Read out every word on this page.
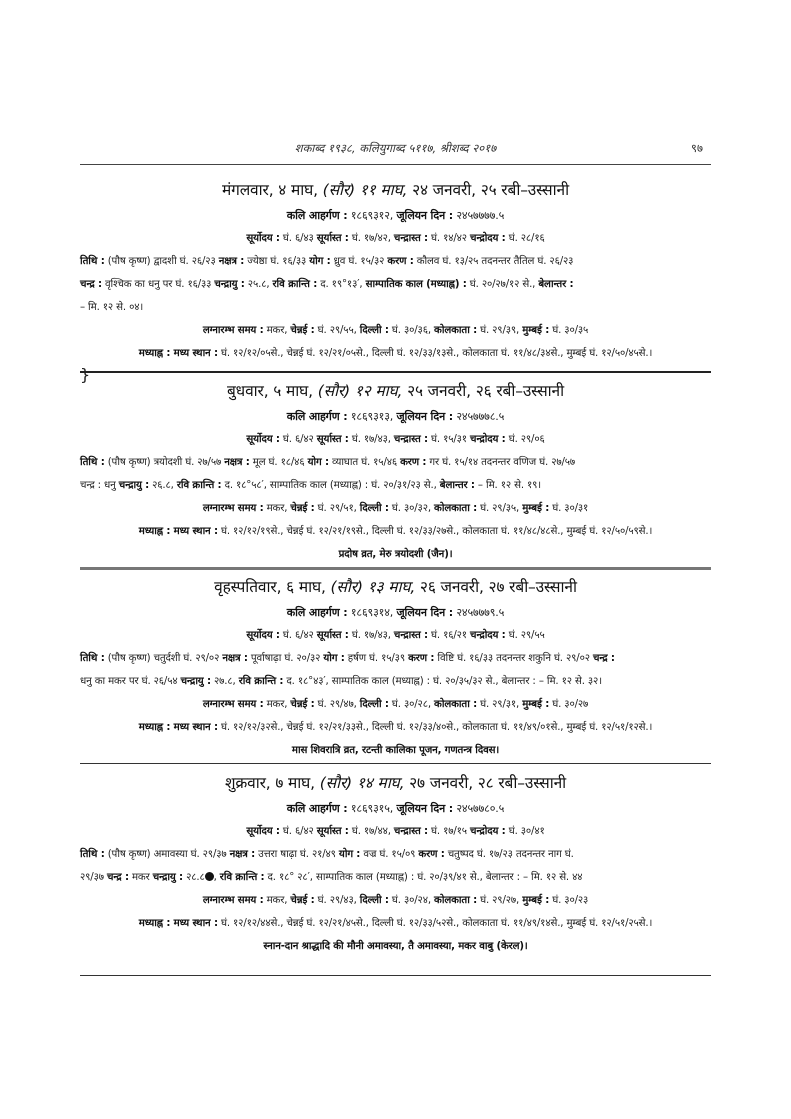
शकाब्द १९३८, कलियुगाब्द ५११७, श्रीशब्द २०१७	९७
मंगलवार, ४ माघ, (सौर) ११ माघ, २४ जनवरी, २५ रबी–उस्सानी
कलि आहर्गण : १८६९३१२, जूलियन दिन : २४५७७७७.५
सूर्योदय : घं. ६/४३ सूर्यास्त : घं. १७/४२, चन्द्रास्त : घं. १४/४२ चन्द्रोदय : घं. २८/१६
तिथि : (पौष कृष्ण) द्वादशी घं. २६/२३ नक्षत्र : ज्येष्ठा घं. १६/३३ योग : ध्रुव घं. १५/३२ करण : कौलव घं. १३/२५ तदनन्तर तैतिल घं. २६/२३
चन्द्र : वृश्चिक का धनु पर घं. १६/३३ चन्द्रायु : २५.८, रवि क्रान्ति : द. १९°१३′, साम्पातिक काल (मध्याह्न) : घं. २०/२७/१२ से., बेलान्तर :
– मि. १२ से. ०४।
लग्नारम्भ समय : मकर, चेन्नई : घं. २९/५५, दिल्ली : घं. ३०/३६, कोलकाता : घं. २९/३९, मुम्बई : घं. ३०/३५
मध्याह्न : मध्य स्थान : घं. १२/१२/०५से., चेन्नई घं. १२/२१/०५से., दिल्ली घं. १२/३३/१३से., कोलकाता घं. ११/४८/३४से., मुम्बई घं. १२/५०/४५से.।
}
बुधवार, ५ माघ, (सौर) १२ माघ, २५ जनवरी, २६ रबी–उस्सानी
कलि आहर्गण : १८६९३१३, जूलियन दिन : २४५७७७८.५
सूर्योदय : घं. ६/४२ सूर्यास्त : घं. १७/४३, चन्द्रास्त : घं. १५/३१ चन्द्रोदय : घं. २९/०६
तिथि : (पौष कृष्ण) त्रयोदशी घं. २७/५७ नक्षत्र : मूल घं. १८/४६ योग : व्याघात घं. १५/४६ करण : गर घं. १५/१४ तदनन्तर वणिज घं. २७/५७
चन्द्र : धनु चन्द्रायु : २६.८, रवि क्रान्ति : द. १८°५८′, साम्पातिक काल (मध्याह्न) : घं. २०/३१/२३ से., बेलान्तर : – मि. १२ से. १९।
लग्नारम्भ समय : मकर, चेन्नई : घं. २९/५१, दिल्ली : घं. ३०/३२, कोलकाता : घं. २९/३५, मुम्बई : घं. ३०/३१
मध्याह्न : मध्य स्थान : घं. १२/१२/१९से., चेन्नई घं. १२/२१/१९से., दिल्ली घं. १२/३३/२७से., कोलकाता घं. ११/४८/४८से., मुम्बई घं. १२/५०/५९से.।
प्रदोष व्रत, मेरु त्रयोदशी (जैन)।
वृहस्पतिवार, ६ माघ, (सौर) १३ माघ, २६ जनवरी, २७ रबी–उस्सानी
कलि आहर्गण : १८६९३१४, जूलियन दिन : २४५७७७९.५
सूर्योदय : घं. ६/४२ सूर्यास्त : घं. १७/४३, चन्द्रास्त : घं. १६/२१ चन्द्रोदय : घं. २९/५५
तिथि : (पौष कृष्ण) चतुर्दशी घं. २९/०२ नक्षत्र : पूर्वाषाढ़ा घं. २०/३२ योग : हर्षण घं. १५/३९ करण : विष्टि घं. १६/३३ तदनन्तर शकुनि घं. २९/०२ चन्द्र :
धनु का मकर पर घं. २६/५४ चन्द्रायु : २७.८, रवि क्रान्ति : द. १८°४३′, साम्पातिक काल (मध्याह्न) : घं. २०/३५/३२ से., बेलान्तर : – मि. १२ से. ३२।
लग्नारम्भ समय : मकर, चेन्नई : घं. २९/४७, दिल्ली : घं. ३०/२८, कोलकाता : घं. २९/३१, मुम्बई : घं. ३०/२७
मध्याह्न : मध्य स्थान : घं. १२/१२/३२से., चेन्नई घं. १२/२१/३३से., दिल्ली घं. १२/३३/४०से., कोलकाता घं. ११/४९/०१से., मुम्बई घं. १२/५१/१२से.।
मास शिवरात्रि व्रत, रटन्ती कालिका पूजन, गणतन्त्र दिवस।
शुक्रवार, ७ माघ, (सौर) १४ माघ, २७ जनवरी, २८ रबी–उस्सानी
कलि आहर्गण : १८६९३१५, जूलियन दिन : २४५७७८०.५
सूर्योदय : घं. ६/४२ सूर्यास्त : घं. १७/४४, चन्द्रास्त : घं. १७/१५ चन्द्रोदय : घं. ३०/४१
तिथि : (पौष कृष्ण) अमावस्या घं. २९/३७ नक्षत्र : उत्तरा षाढ़ा घं. २१/४९ योग : वज्र घं. १५/०९ करण : चतुष्पद घं. १७/२३ तदनन्तर नाग घं.
२९/३७ चन्द्र : मकर चन्द्रायु : २८.८ , रवि क्रान्ति : द. १८° २८′, साम्पातिक काल (मध्याह्न) : घं. २०/३९/४१ से., बेलान्तर : – मि. १२ से. ४४
लग्नारम्भ समय : मकर, चेन्नई : घं. २९/४३, दिल्ली : घं. ३०/२४, कोलकाता : घं. २९/२७, मुम्बई : घं. ३०/२३
मध्याह्न : मध्य स्थान : घं. १२/१२/४४से., चेन्नई घं. १२/२१/४५से., दिल्ली घं. १२/३३/५२से., कोलकाता घं. ११/४९/१४से., मुम्बई घं. १२/५१/२५से.।
स्नान-दान श्राद्धादि की मौनी अमावस्या, तै अमावस्या, मकर वाबु (केरल)।
